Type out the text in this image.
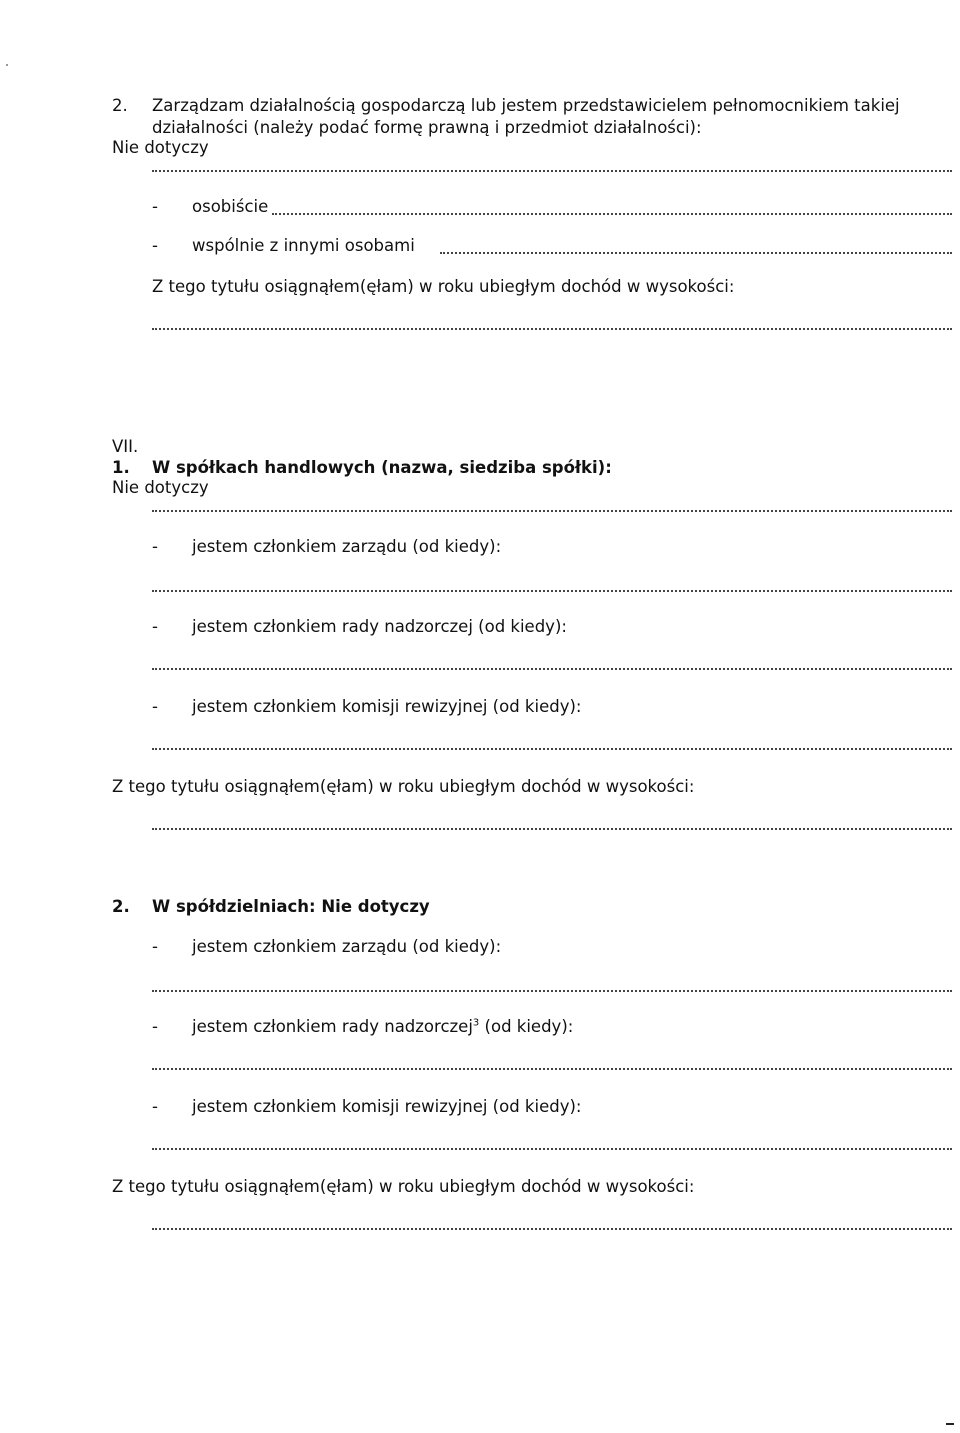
2. Zarządzam działalnością gospodarczą lub jestem przedstawicielem pełnomocnikiem takiej
działalności (należy podać formę prawną i przedmiot działalności):
Nie dotyczy
- osobiście
- wspólnie z innymi osobami
Z tego tytułu osiągnąłem(ęłam) w roku ubiegłym dochód w wysokości:
VII.
1. W spółkach handlowych (nazwa, siedziba spółki):
Nie dotyczy
- jestem członkiem zarządu (od kiedy):
- jestem członkiem rady nadzorczej (od kiedy):
- jestem członkiem komisji rewizyjnej (od kiedy):
Z tego tytułu osiągnąłem(ęłam) w roku ubiegłym dochód w wysokości:
2. W spółdzielniach: Nie dotyczy
- jestem członkiem zarządu (od kiedy):
- jestem członkiem rady nadzorczej$^3$ (od kiedy):
- jestem członkiem komisji rewizyjnej (od kiedy):
Z tego tytułu osiągnąłem(ęłam) w roku ubiegłym dochód w wysokości:
